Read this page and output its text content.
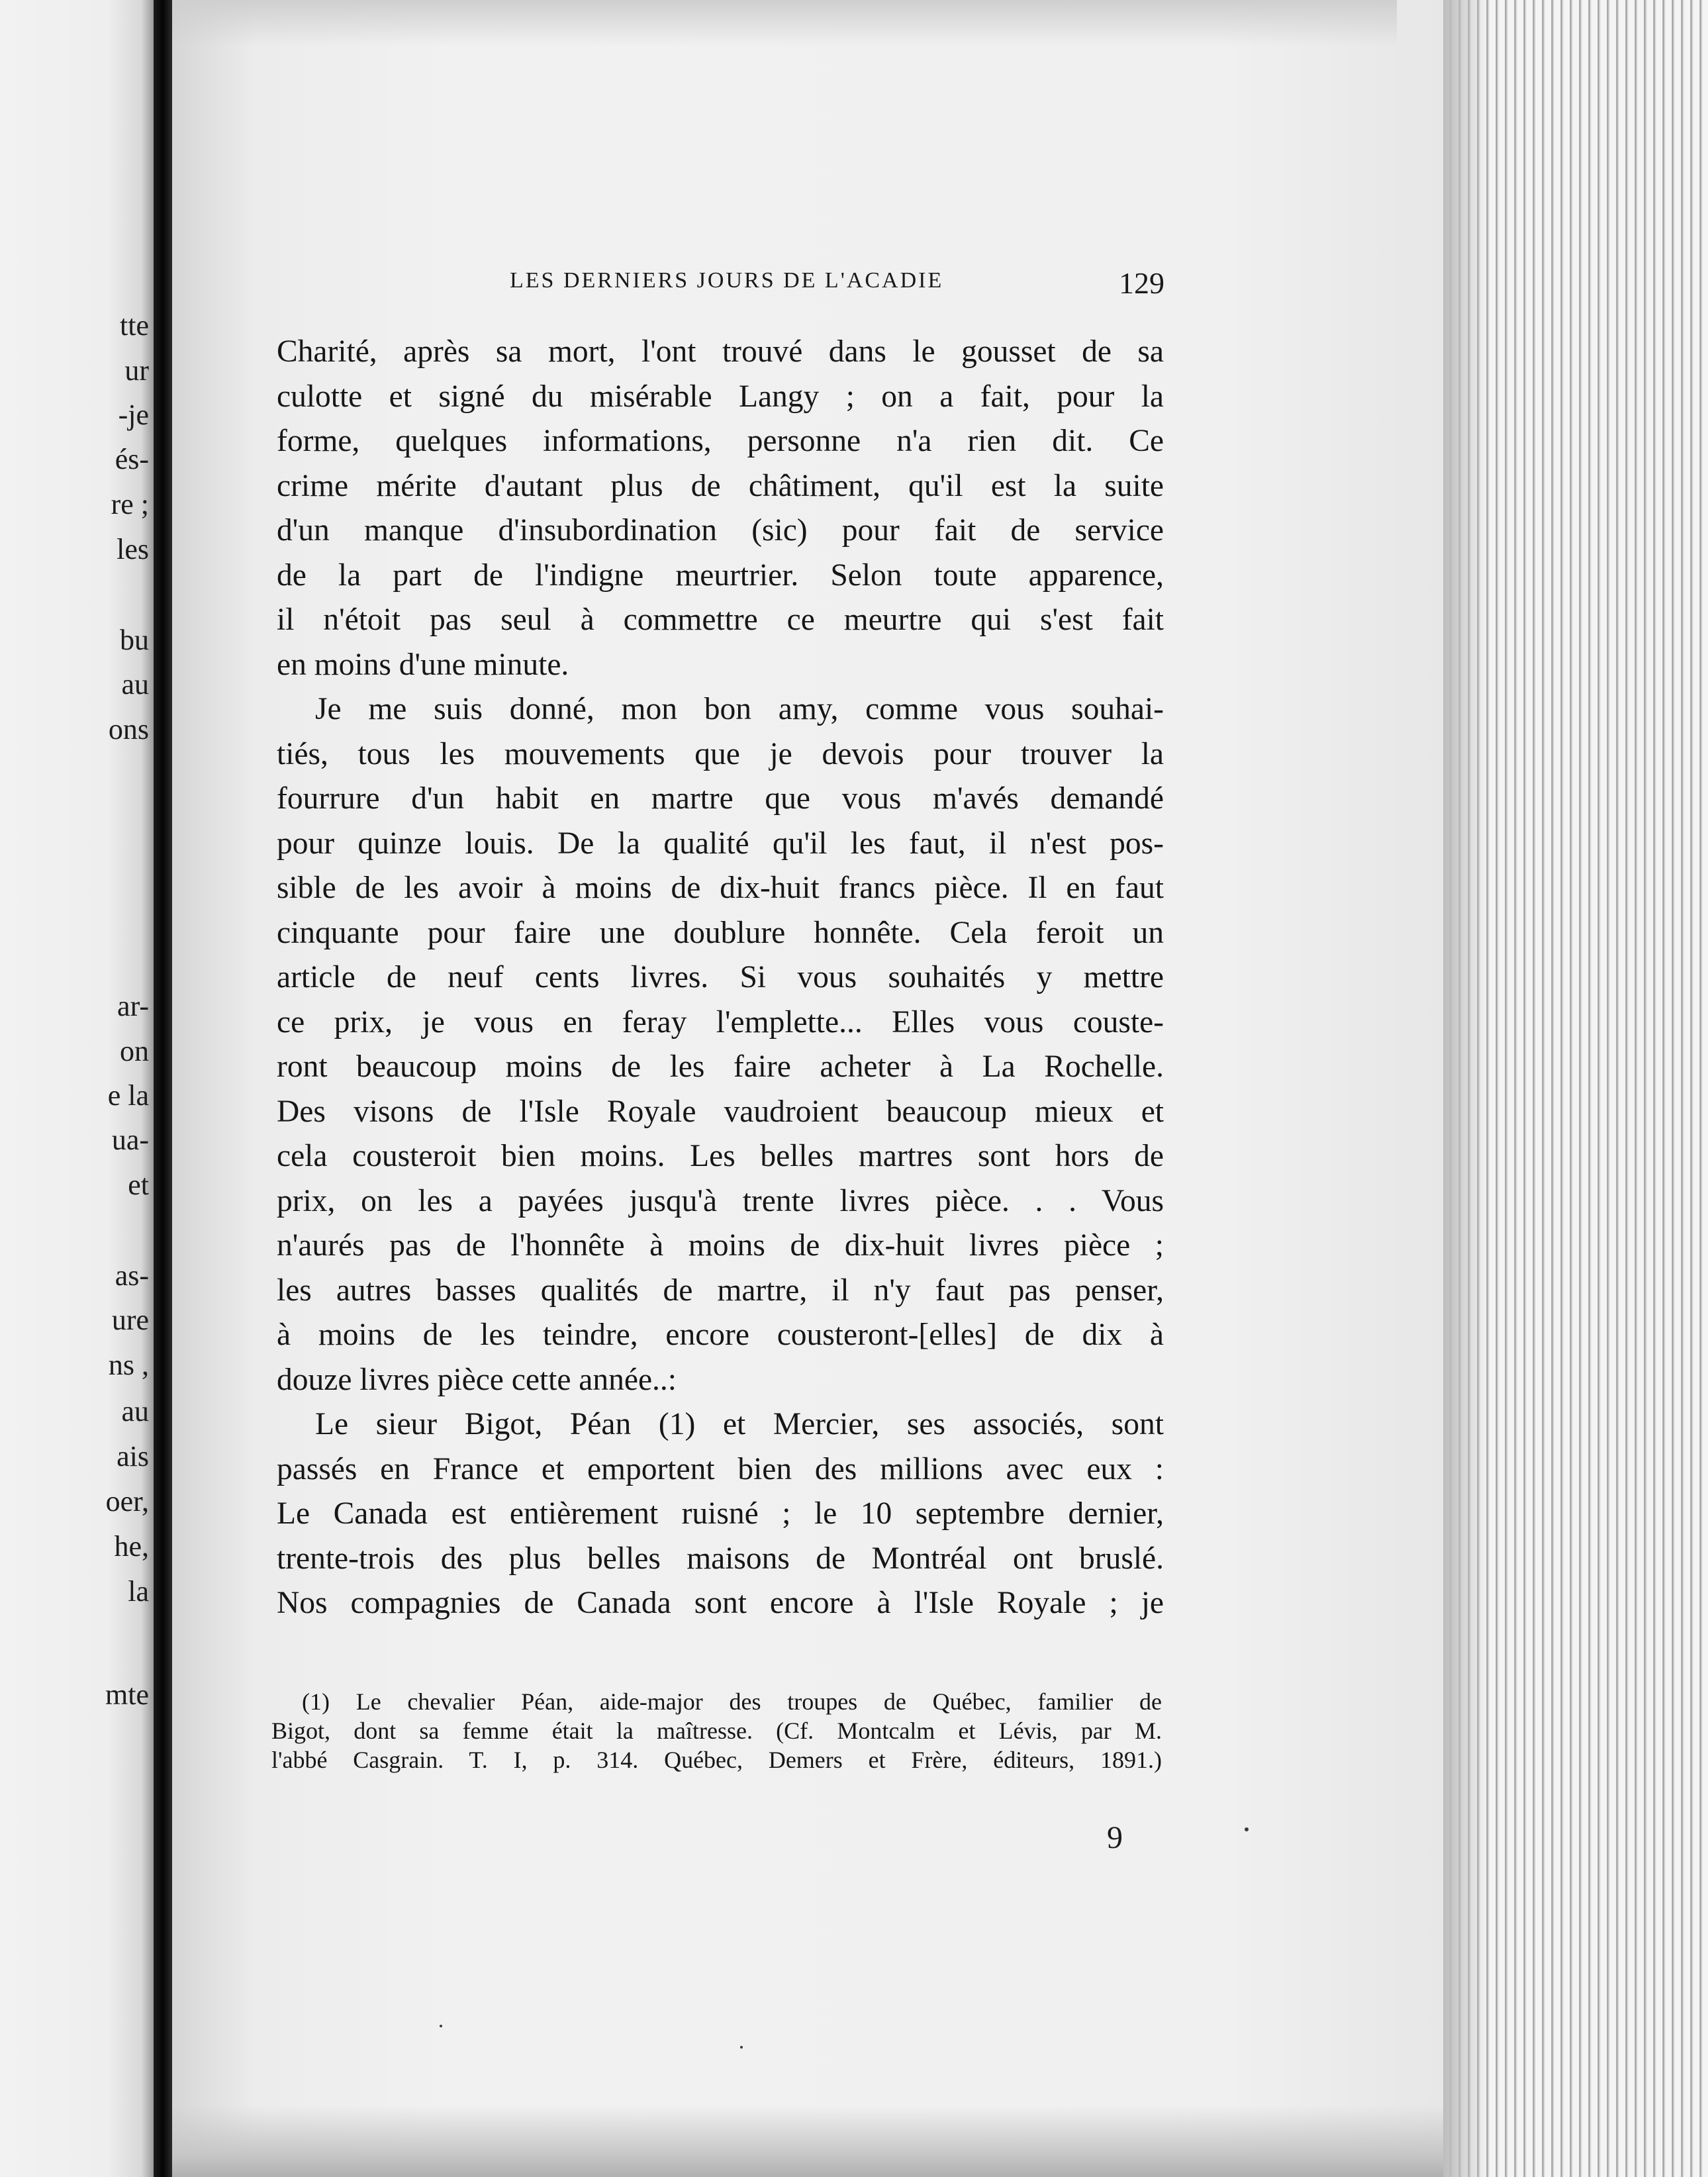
tte
ur
-je
és-
re ;
les
bu
au
ons
ar-
on
e la
ua-
et
as-
ure
ns ,
au
ais
oer,
he,
la
mte
LES DERNIERS JOURS DE L'ACADIE	129
Charité, après sa mort, l'ont trouvé dans le gousset de sa
culotte et signé du misérable Langy ; on a fait, pour la
forme, quelques informations, personne n'a rien dit. Ce
crime mérite d'autant plus de châtiment, qu'il est la suite
d'un manque d'insubordination (sic) pour fait de service
de la part de l'indigne meurtrier. Selon toute apparence,
il n'étoit pas seul à commettre ce meurtre qui s'est fait
en moins d'une minute.
Je me suis donné, mon bon amy, comme vous souhai-
tiés, tous les mouvements que je devois pour trouver la
fourrure d'un habit en martre que vous m'avés demandé
pour quinze louis. De la qualité qu'il les faut, il n'est pos-
sible de les avoir à moins de dix-huit francs pièce. Il en faut
cinquante pour faire une doublure honnête. Cela feroit un
article de neuf cents livres. Si vous souhaités y mettre
ce prix, je vous en feray l'emplette... Elles vous couste-
ront beaucoup moins de les faire acheter à La Rochelle.
Des visons de l'Isle Royale vaudroient beaucoup mieux et
cela cousteroit bien moins. Les belles martres sont hors de
prix, on les a payées jusqu'à trente livres pièce. . . Vous
n'aurés pas de l'honnête à moins de dix-huit livres pièce ;
les autres basses qualités de martre, il n'y faut pas penser,
à moins de les teindre, encore cousteront-[elles] de dix à
douze livres pièce cette année..:
Le sieur Bigot, Péan (1) et Mercier, ses associés, sont
passés en France et emportent bien des millions avec eux :
Le Canada est entièrement ruisné ; le 10 septembre dernier,
trente-trois des plus belles maisons de Montréal ont bruslé.
Nos compagnies de Canada sont encore à l'Isle Royale ; je
(1) Le chevalier Péan, aide-major des troupes de Québec, familier de
Bigot, dont sa femme était la maîtresse. (Cf. Montcalm et Lévis, par M.
l'abbé Casgrain. T. I, p. 314. Québec, Demers et Frère, éditeurs, 1891.)
9
